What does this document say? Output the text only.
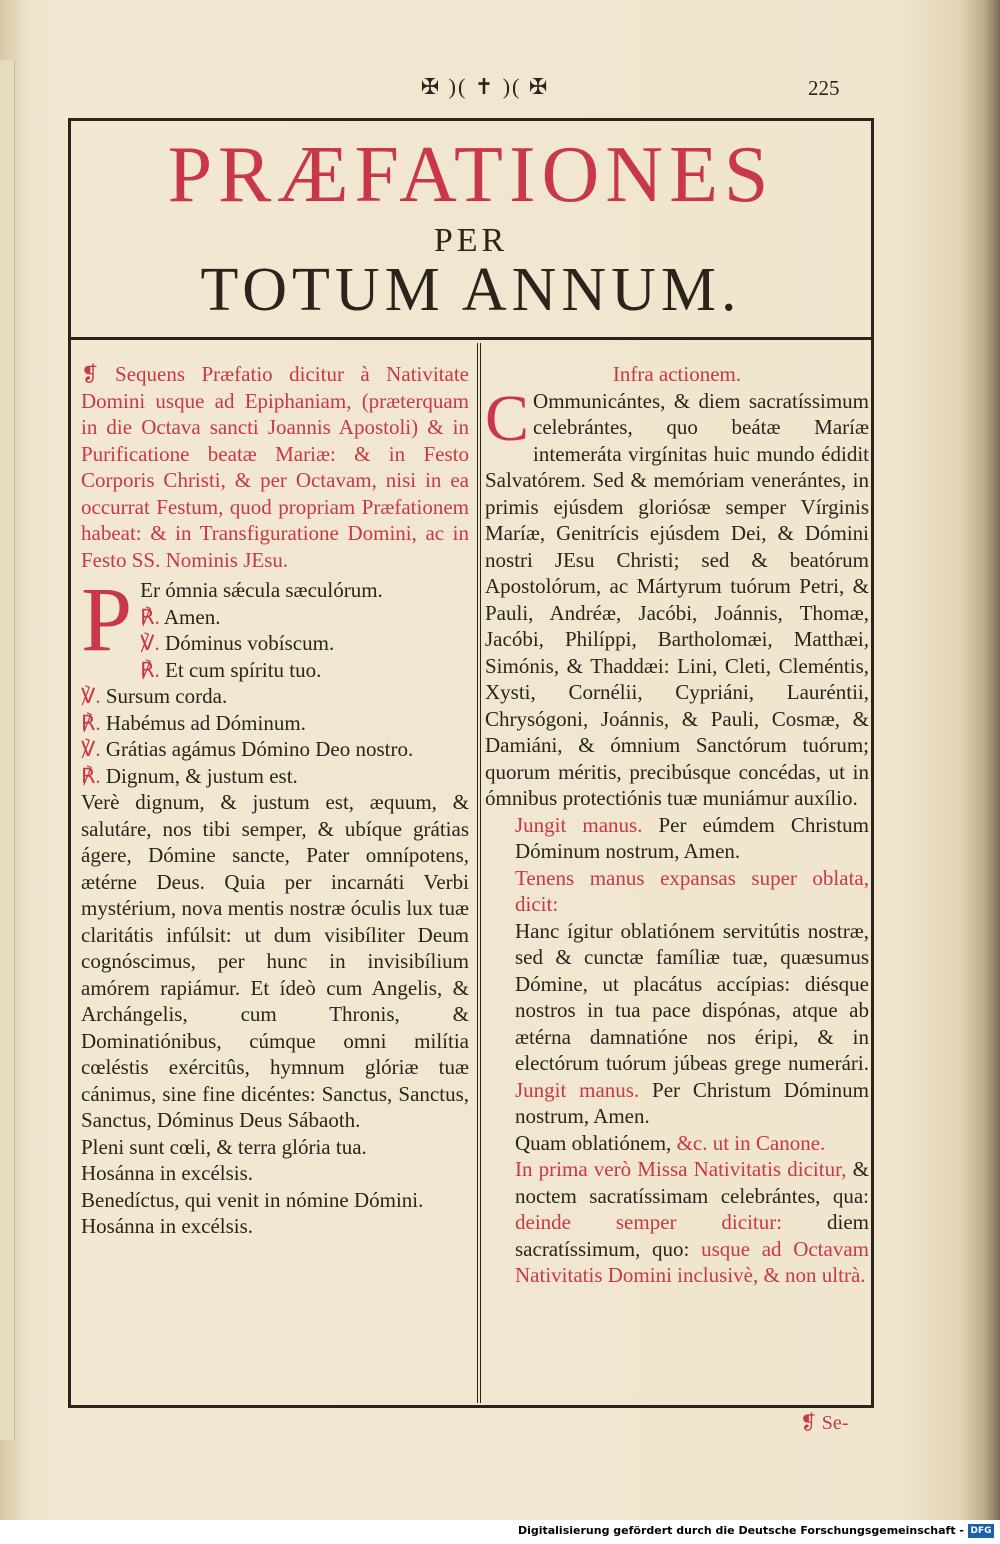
✠ )( ✝ )( ✠	225
PRÆFATIONES
PER
TOTUM ANNUM.

❡ Sequens Præfatio dicitur à Nativitate Domini usque ad Epiphaniam, (præterquam in die Octava sancti Joannis Apostoli) & in Purificatione beatæ Mariæ: & in Festo Corporis Christi, & per Octavam, nisi in ea occurrat Festum, quod propriam Præfationem habeat: & in Transfiguratione Domini, ac in Festo SS. Nominis JEsu.

P Er ómnia sǽcula sæculórum.

℟. Amen.

℣. Dóminus vobíscum.

℟. Et cum spíritu tuo.

℣. Sursum corda.

℟. Habémus ad Dóminum.

℣. Grátias agámus Dómino Deo nostro.

℟. Dignum, & justum est.

Verè dignum, & justum est, æquum, & salutáre, nos tibi semper, & ubíque grátias ágere, Dómine sancte, Pater omnípotens, ætérne Deus. Quia per incarnáti Verbi mystérium, nova mentis nostræ óculis lux tuæ claritátis infúlsit: ut dum visibíliter Deum cognóscimus, per hunc in invisibílium amórem rapiámur. Et ídeò cum Angelis, & Archángelis, cum Thronis, & Dominatiónibus, cúmque omni milítia cœléstis exércitûs, hymnum glóriæ tuæ cánimus, sine fine dicéntes: Sanctus, Sanctus, Sanctus, Dóminus Deus Sábaoth.

Pleni sunt cœli, & terra glória tua.

Hosánna in excélsis.

Benedíctus, qui venit in nómine Dómini.

Hosánna in excélsis.

Infra actionem.

C Ommunicántes, & diem sacratíssimum celebrántes, quo beátæ Maríæ intemeráta virgínitas huic mundo édidit Salvatórem. Sed & memóriam venerántes, in primis ejúsdem gloriósæ semper Vírginis Maríæ, Genitrícis ejúsdem Dei, & Dómini nostri JEsu Christi; sed & beatórum Apostolórum, ac Mártyrum tuórum Petri, & Pauli, Andréæ, Jacóbi, Joánnis, Thomæ, Jacóbi, Philíppi, Bartholomæi, Matthæi, Simónis, & Thaddæi: Lini, Cleti, Cleméntis, Xysti, Cornélii, Cypriáni, Lauréntii, Chrysógoni, Joánnis, & Pauli, Cosmæ, & Damiáni, & ómnium Sanctórum tuórum; quorum méritis, precibúsque concédas, ut in ómnibus protectiónis tuæ muniámur auxílio.

Jungit manus. Per eúmdem Christum Dóminum nostrum, Amen.

Tenens manus expansas super oblata, dicit:

Hanc ígitur oblatiónem servitútis nostræ, sed & cunctæ famíliæ tuæ, quæsumus Dómine, ut placátus accípias: diésque nostros in tua pace dispónas, atque ab ætérna damnatióne nos éripi, & in electórum tuórum júbeas grege numerári. Jungit manus. Per Christum Dóminum nostrum, Amen.

Quam oblatiónem, &c. ut in Canone.

In prima verò Missa Nativitatis dicitur, & noctem sacratíssimam celebrántes, qua: deinde semper dicitur: diem sacratíssimum, quo: usque ad Octavam Nativitatis Domini inclusivè, & non ultrà.

❡ Se-
Digitalisierung gefördert durch die Deutsche Forschungsgemeinschaft - DFG
